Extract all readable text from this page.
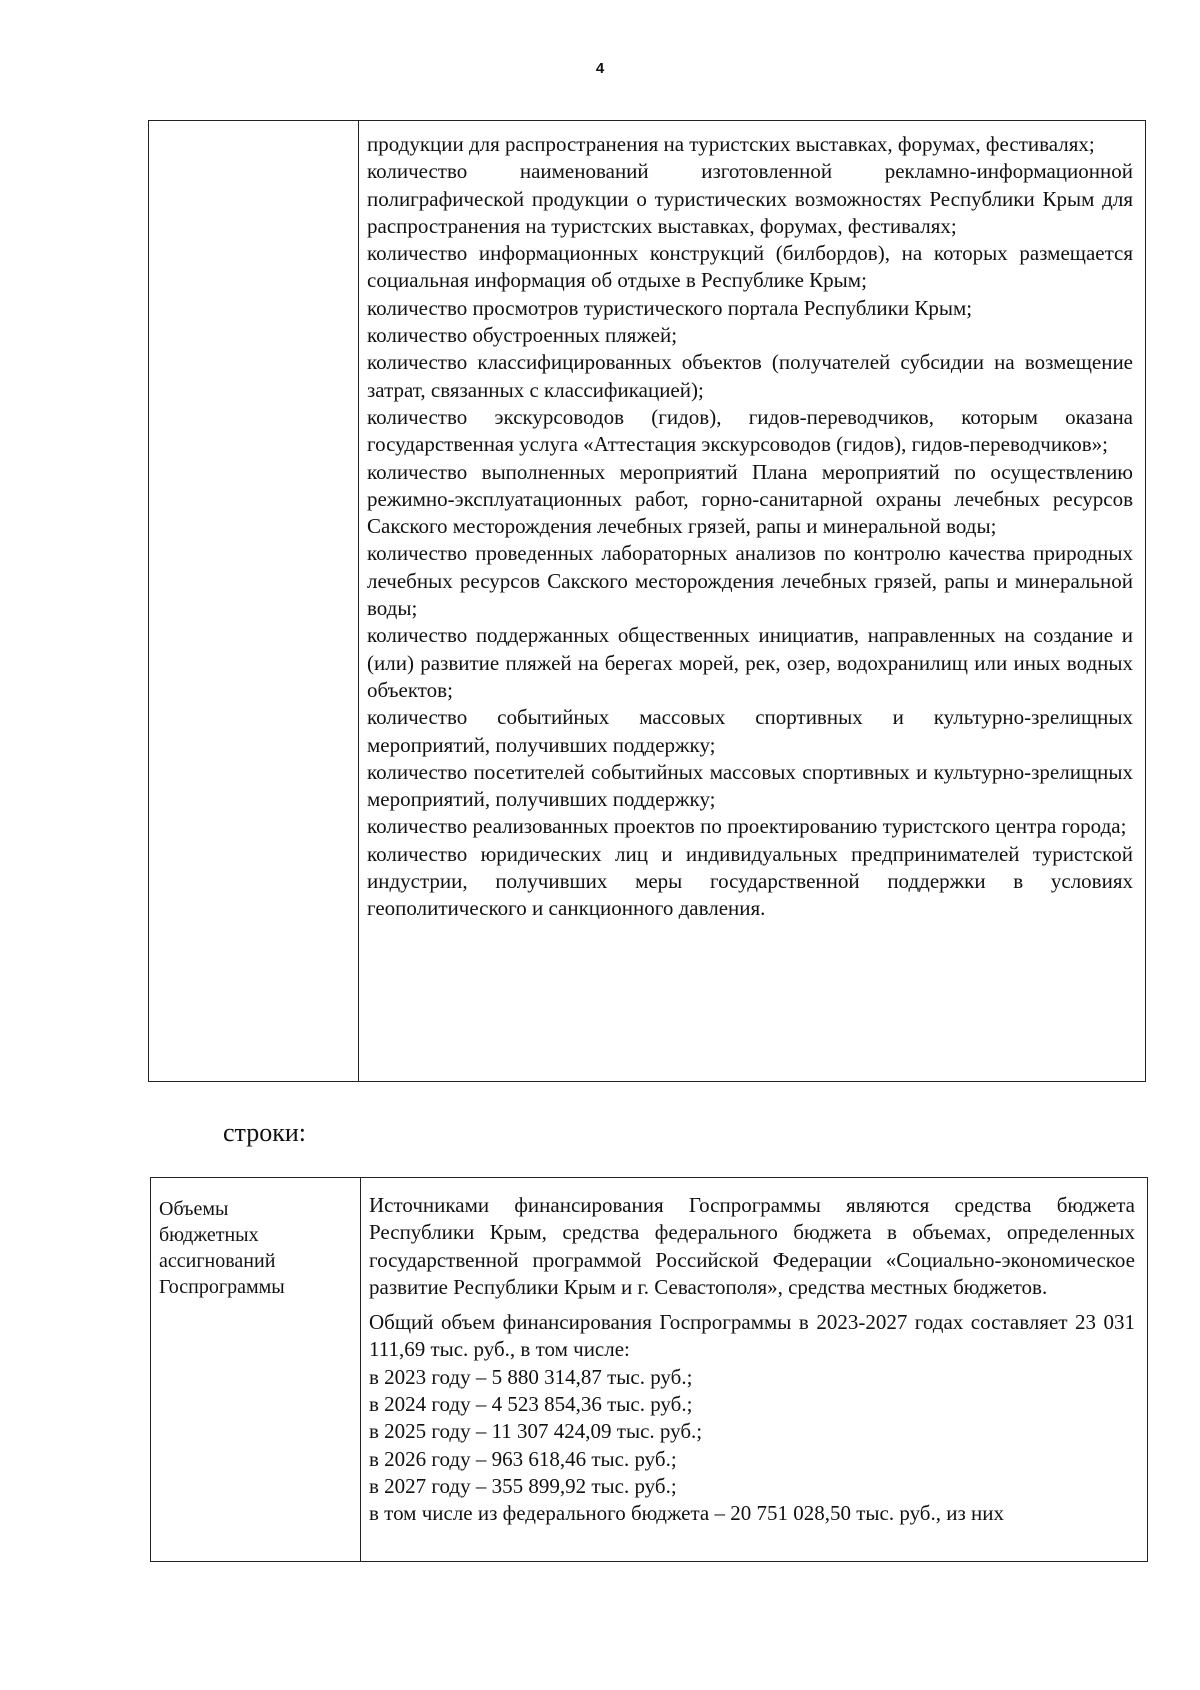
4

продукции для распространения на туристских выставках, форумах, фестивалях;

количество наименований изготовленной рекламно-информационной полиграфической продукции о туристических возможностях Республики Крым для распространения на туристских выставках, форумах, фестивалях;

количество информационных конструкций (билбордов), на которых размещается социальная информация об отдыхе в Республике Крым;

количество просмотров туристического портала Республики Крым;

количество обустроенных пляжей;

количество классифицированных объектов (получателей субсидии на возмещение затрат, связанных с классификацией);

количество экскурсоводов (гидов), гидов-переводчиков, которым оказана государственная услуга «Аттестация экскурсоводов (гидов), гидов-переводчиков»;

количество выполненных мероприятий Плана мероприятий по осуществлению режимно-эксплуатационных работ, горно-санитарной охраны лечебных ресурсов Сакского месторождения лечебных грязей, рапы и минеральной воды;

количество проведенных лабораторных анализов по контролю качества природных лечебных ресурсов Сакского месторождения лечебных грязей, рапы и минеральной воды;

количество поддержанных общественных инициатив, направленных на создание и (или) развитие пляжей на берегах морей, рек, озер, водохранилищ или иных водных объектов;

количество событийных массовых спортивных и культурно-зрелищных мероприятий, получивших поддержку;

количество посетителей событийных массовых спортивных и культурно-зрелищных мероприятий, получивших поддержку;

количество реализованных проектов по проектированию туристского центра города;

количество юридических лиц и индивидуальных предпринимателей туристской индустрии, получивших меры государственной поддержки в условиях геополитического и санкционного давления.

строки:
Объемы
бюджетных
ассигнований
Госпрограммы

Источниками финансирования Госпрограммы являются средства бюджета Республики Крым, средства федерального бюджета в объемах, определенных государственной программой Российской Федерации «Социально-экономическое развитие Республики Крым и г. Севастополя», средства местных бюджетов.

Общий объем финансирования Госпрограммы в 2023-2027 годах составляет 23 031 111,69 тыс. руб., в том числе:

в 2023 году – 5 880 314,87 тыс. руб.;

в 2024 году – 4 523 854,36 тыс. руб.;

в 2025 году – 11 307 424,09 тыс. руб.;

в 2026 году – 963 618,46 тыс. руб.;

в 2027 году – 355 899,92 тыс. руб.;

в том числе из федерального бюджета – 20 751 028,50 тыс. руб., из них
